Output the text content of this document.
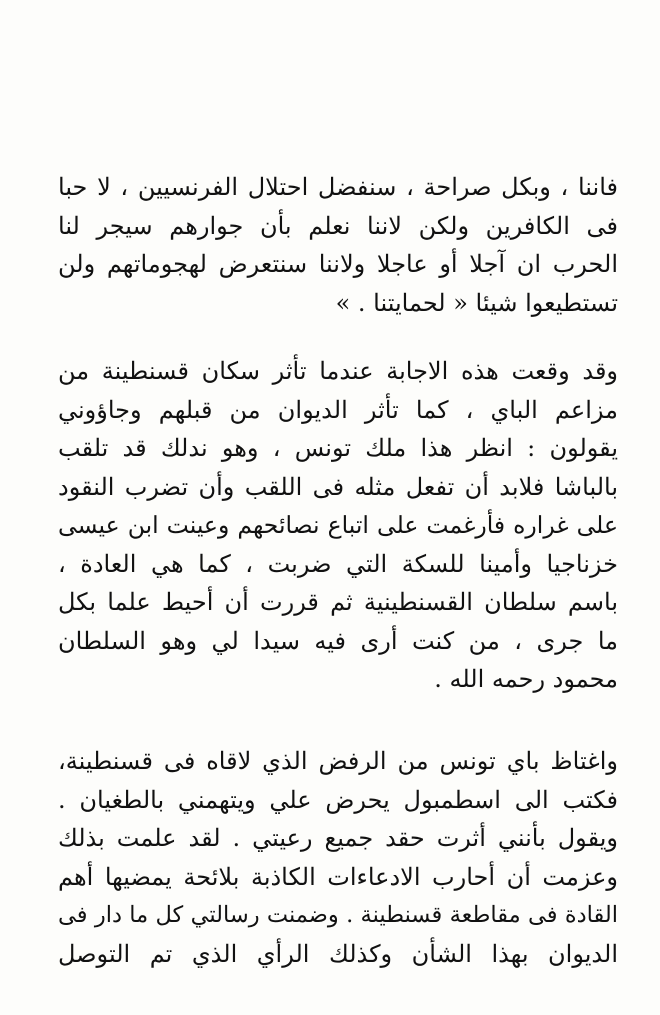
فاننا ، وبكل صراحة ، سنفضل احتلال الفرنسيين ، لا حبا
فى الكافرين ولكن لاننا نعلم بأن جوارهم سيجر لنا
الحرب ان آجلا أو عاجلا ولاننا سنتعرض لهجوماتهم ولن
تستطيعوا شيئا « لحمايتنا . »
وقد وقعت هذه الاجابة عندما تأثر سكان قسنطينة من
مزاعم الباي ، كما تأثر الديوان من قبلهم وجاؤوني
يقولون : انظر هذا ملك تونس ، وهو ندلك قد تلقب
بالباشا فلابد أن تفعل مثله فى اللقب وأن تضرب النقود
على غراره فأرغمت على اتباع نصائحهم وعينت ابن عيسى
خزناجيا وأمينا للسكة التي ضربت ، كما هي العادة ،
باسم سلطان القسنطينية ثم قررت أن أحيط علما بكل
ما جرى ، من كنت أرى فيه سيدا لي وهو السلطان
محمود رحمه الله .
واغتاظ باي تونس من الرفض الذي لاقاه فى قسنطينة،
فكتب الى اسطمبول يحرض علي ويتهمني بالطغيان .
ويقول بأنني أثرت حقد جميع رعيتي . لقد علمت بذلك
وعزمت أن أحارب الادعاءات الكاذبة بلائحة يمضيها أهم
القادة فى مقاطعة قسنطينة . وضمنت رسالتي كل ما دار فى
الديوان بهذا الشأن وكذلك الرأي الذي تم التوصل
